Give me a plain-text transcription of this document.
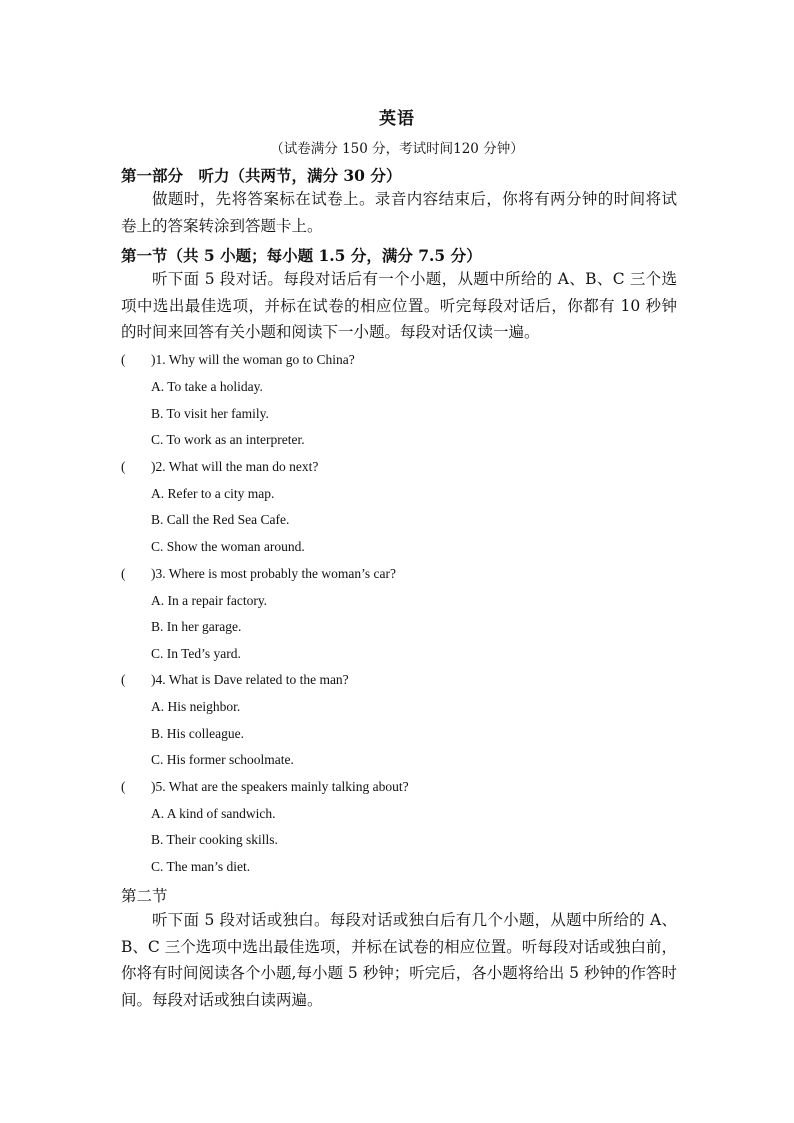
英语
（试卷满分 150 分，考试时间120 分钟）
第一部分　听力（共两节，满分 30 分）
做题时，先将答案标在试卷上。录音内容结束后，你将有两分钟的时间将试卷上的答案转涂到答题卡上。
第一节（共 5 小题；每小题 1.5 分，满分 7.5 分）
听下面 5 段对话。每段对话后有一个小题，从题中所给的 A、B、C 三个选项中选出最佳选项，并标在试卷的相应位置。听完每段对话后，你都有 10 秒钟的时间来回答有关小题和阅读下一小题。每段对话仅读一遍。
( )1. Why will the woman go to China?
A. To take a holiday.
B. To visit her family.
C. To work as an interpreter.
( )2. What will the man do next?
A. Refer to a city map.
B. Call the Red Sea Cafe.
C. Show the woman around.
( )3. Where is most probably the woman’s car?
A. In a repair factory.
B. In her garage.
C. In Ted’s yard.
( )4. What is Dave related to the man?
A. His neighbor.
B. His colleague.
C. His former schoolmate.
( )5. What are the speakers mainly talking about?
A. A kind of sandwich.
B. Their cooking skills.
C. The man’s diet.
第二节
听下面 5 段对话或独白。每段对话或独白后有几个小题，从题中所给的 A、B、C 三个选项中选出最佳选项，并标在试卷的相应位置。听每段对话或独白前，你将有时间阅读各个小题,每小题 5 秒钟；听完后，各小题将给出 5 秒钟的作答时间。每段对话或独白读两遍。
